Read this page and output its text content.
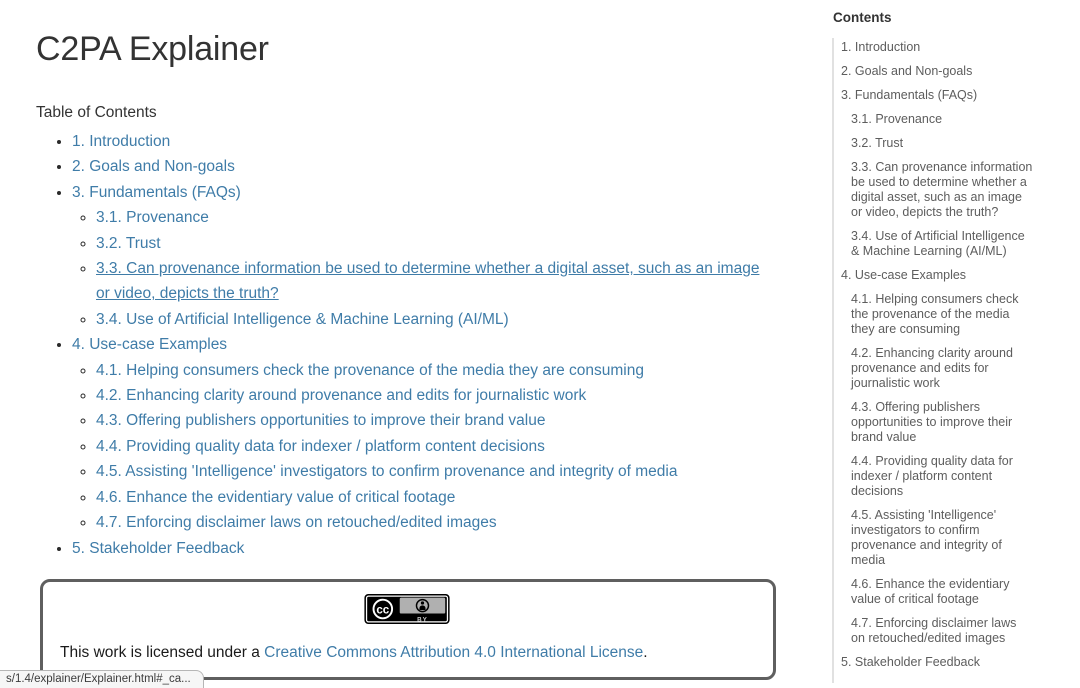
C2PA Explainer
Table of Contents
• 1. Introduction
• 2. Goals and Non-goals
• 3. Fundamentals (FAQs)
◦ 3.1. Provenance
◦ 3.2. Trust
◦ 3.3. Can provenance information be used to determine whether a digital asset, such as an image or video, depicts the truth?
◦ 3.4. Use of Artificial Intelligence & Machine Learning (AI/ML)
• 4. Use-case Examples
◦ 4.1. Helping consumers check the provenance of the media they are consuming
◦ 4.2. Enhancing clarity around provenance and edits for journalistic work
◦ 4.3. Offering publishers opportunities to improve their brand value
◦ 4.4. Providing quality data for indexer / platform content decisions
◦ 4.5. Assisting 'Intelligence' investigators to confirm provenance and integrity of media
◦ 4.6. Enhance the evidentiary value of critical footage
◦ 4.7. Enforcing disclaimer laws on retouched/edited images
• 5. Stakeholder Feedback
cc
BY

This work is licensed under a Creative Commons Attribution 4.0 International License.

Contents
1. Introduction
2. Goals and Non-goals
3. Fundamentals (FAQs)
3.1. Provenance
3.2. Trust
3.3. Can provenance information be used to determine whether a digital asset, such as an image or video, depicts the truth?
3.4. Use of Artificial Intelligence & Machine Learning (AI/ML)
4. Use-case Examples
4.1. Helping consumers check the provenance of the media they are consuming
4.2. Enhancing clarity around provenance and edits for journalistic work
4.3. Offering publishers opportunities to improve their brand value
4.4. Providing quality data for indexer / platform content decisions
4.5. Assisting 'Intelligence' investigators to confirm provenance and integrity of media
4.6. Enhance the evidentiary value of critical footage
4.7. Enforcing disclaimer laws on retouched/edited images
5. Stakeholder Feedback
s/1.4/explainer/Explainer.html#_ca...
